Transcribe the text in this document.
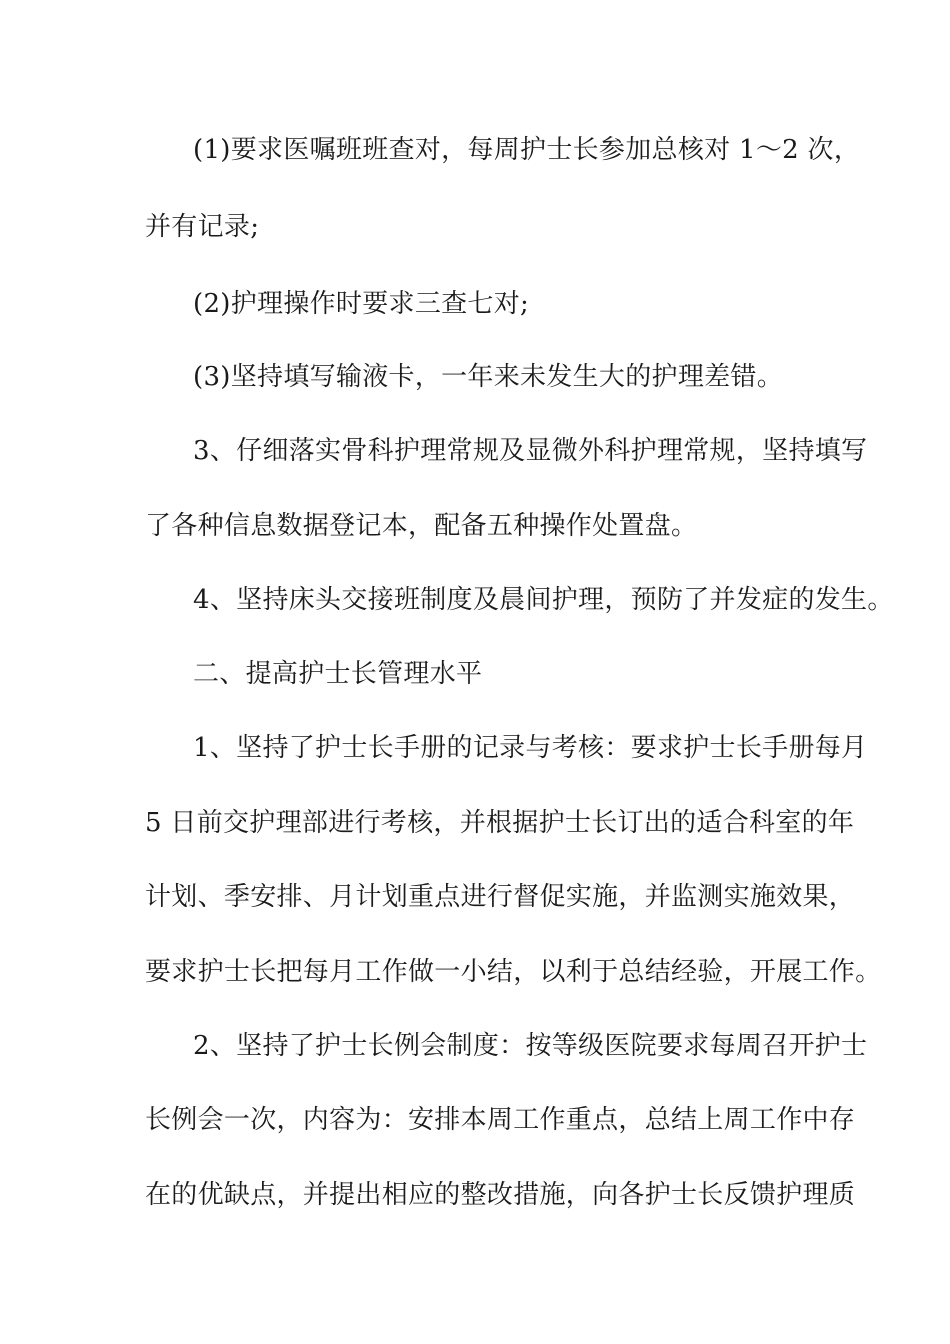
(1)要求医嘱班班查对，每周护士长参加总核对 1～2 次，
并有记录;
(2)护理操作时要求三查七对;
(3)坚持填写输液卡，一年来未发生大的护理差错。
3、仔细落实骨科护理常规及显微外科护理常规，坚持填写
了各种信息数据登记本，配备五种操作处置盘。
4、坚持床头交接班制度及晨间护理，预防了并发症的发生。
二、提高护士长管理水平
1、坚持了护士长手册的记录与考核：要求护士长手册每月
5 日前交护理部进行考核，并根据护士长订出的适合科室的年
计划、季安排、月计划重点进行督促实施，并监测实施效果，
要求护士长把每月工作做一小结，以利于总结经验，开展工作。
2、坚持了护士长例会制度：按等级医院要求每周召开护士
长例会一次，内容为：安排本周工作重点，总结上周工作中存
在的优缺点，并提出相应的整改措施，向各护士长反馈护理质
